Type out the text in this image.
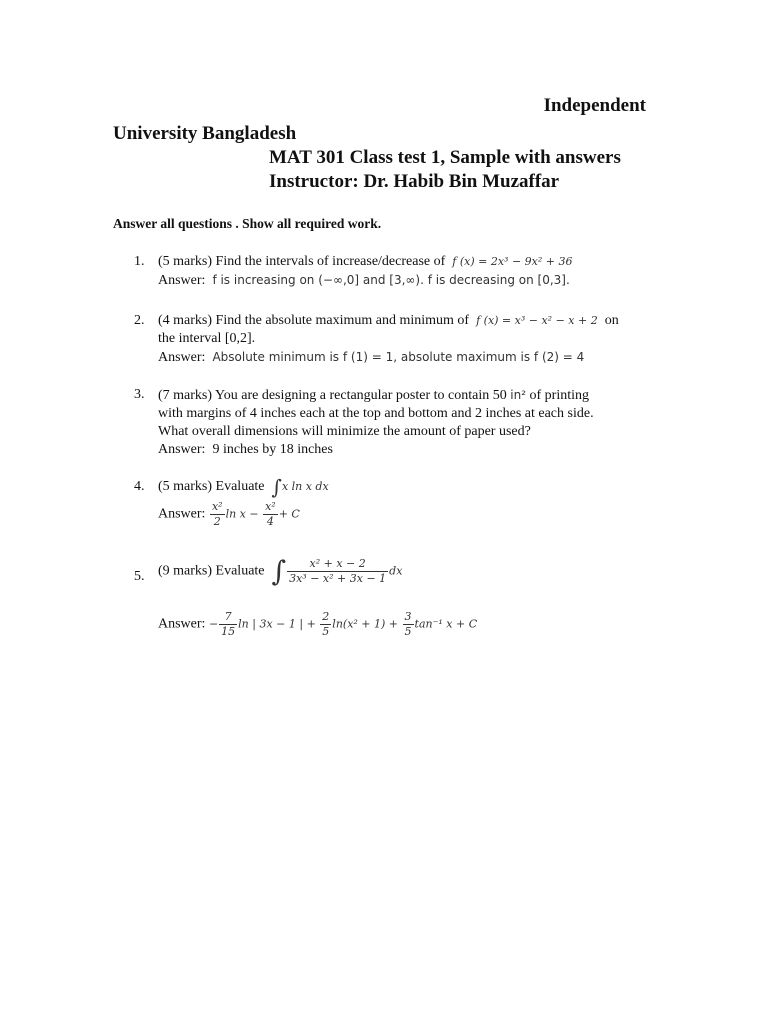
Independent
University Bangladesh
MAT 301 Class test 1, Sample with answers
Instructor: Dr. Habib Bin Muzaffar
Answer all questions . Show all required work.
1. (5 marks) Find the intervals of increase/decrease of f (x) = 2x³ − 9x² + 36
Answer: f is increasing on (−∞,0] and [3,∞). f is decreasing on [0,3].
2. (4 marks) Find the absolute maximum and minimum of f (x) = x³ − x² − x + 2 on
the interval [0,2].
Answer: Absolute minimum is f (1) = 1, absolute maximum is f (2) = 4
3. (7 marks) You are designing a rectangular poster to contain 50 in² of printing
with margins of 4 inches each at the top and bottom and 2 inches at each side.
What overall dimensions will minimize the amount of paper used?
Answer: 9 inches by 18 inches
4. (5 marks) Evaluate ∫x ln x dx
Answer: $\frac{\text{x²}}{2}$ $\ln x - \frac{\text{x²}}{4} + C$
5. (9 marks) Evaluate ∫ $\frac{\text{x² + x − 2}}{\text{3x³ − x² + 3x − 1}}$ dx
Answer: − $\frac{7}{15}$ ln | 3x − 1 | + $\frac{2}{5} \ln(x^2 + 1) + \frac{3}{5} \tan^{-1}$ x + C
